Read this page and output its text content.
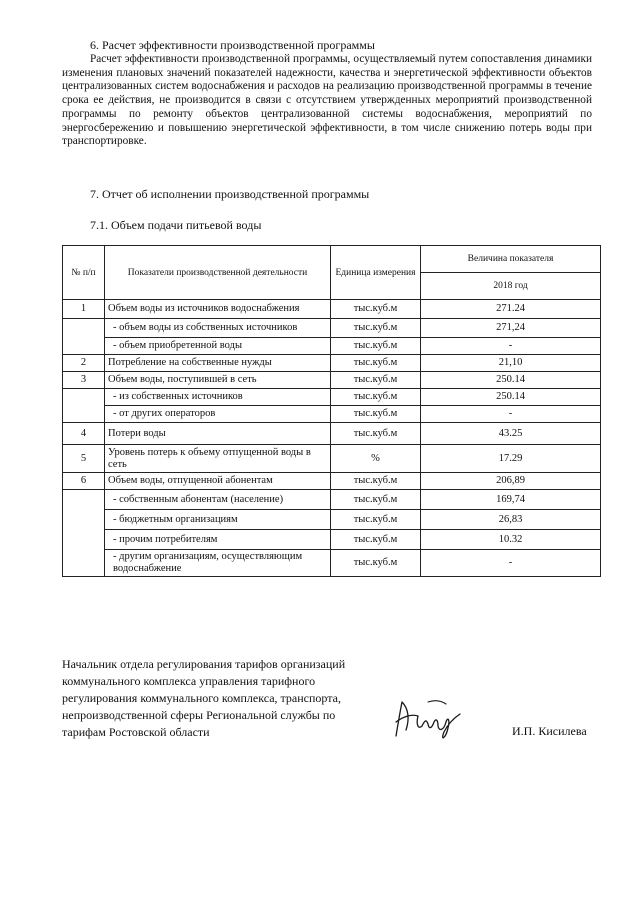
6. Расчет эффективности производственной программы

Расчет эффективности производственной программы, осуществляемый путем сопоставления динамики изменения плановых значений показателей надежности, качества и энергетической эффективности объектов централизованных систем водоснабжения и расходов на реализацию производственной программы в течение срока ее действия, не производится в связи с отсутствием утвержденных мероприятий производственной программы по ремонту объектов централизованной системы водоснабжения, мероприятий по энергосбережению и повышению энергетической эффективности, в том числе снижению потерь воды при транспортировке.

7. Отчет об исполнении производственной программы
7.1. Объем подачи питьевой воды
№ п/п	Показатели производственной деятельности	Единица измерения	Величина показателя
			2018 год
1	Объем воды из источников водоснабжения	тыс.куб.м	271.24
	- объем воды из собственных источников	тыс.куб.м	271,24
	- объем приобретенной воды	тыс.куб.м	-
2	Потребление на собственные нужды	тыс.куб.м	21,10
3	Объем воды, поступившей в сеть	тыс.куб.м	250.14
	- из собственных источников	тыс.куб.м	250.14
	- от других операторов	тыс.куб.м	-
4	Потери воды	тыс.куб.м	43.25
5	Уровень потерь к объему отпущенной воды в сеть	%	17.29
6	Объем воды, отпущенной абонентам	тыс.куб.м	206,89
	- собственным абонентам (население)	тыс.куб.м	169,74
	- бюджетным организациям	тыс.куб.м	26,83
	- прочим потребителям	тыс.куб.м	10.32
	- другим организациям, осуществляющим водоснабжение	тыс.куб.м	-
Начальник отдела регулирования тарифов организаций
коммунального комплекса управления тарифного
регулирования коммунального комплекса, транспорта,
непроизводственной сферы Региональной службы по
тарифам Ростовской области	И.П. Кисилева
